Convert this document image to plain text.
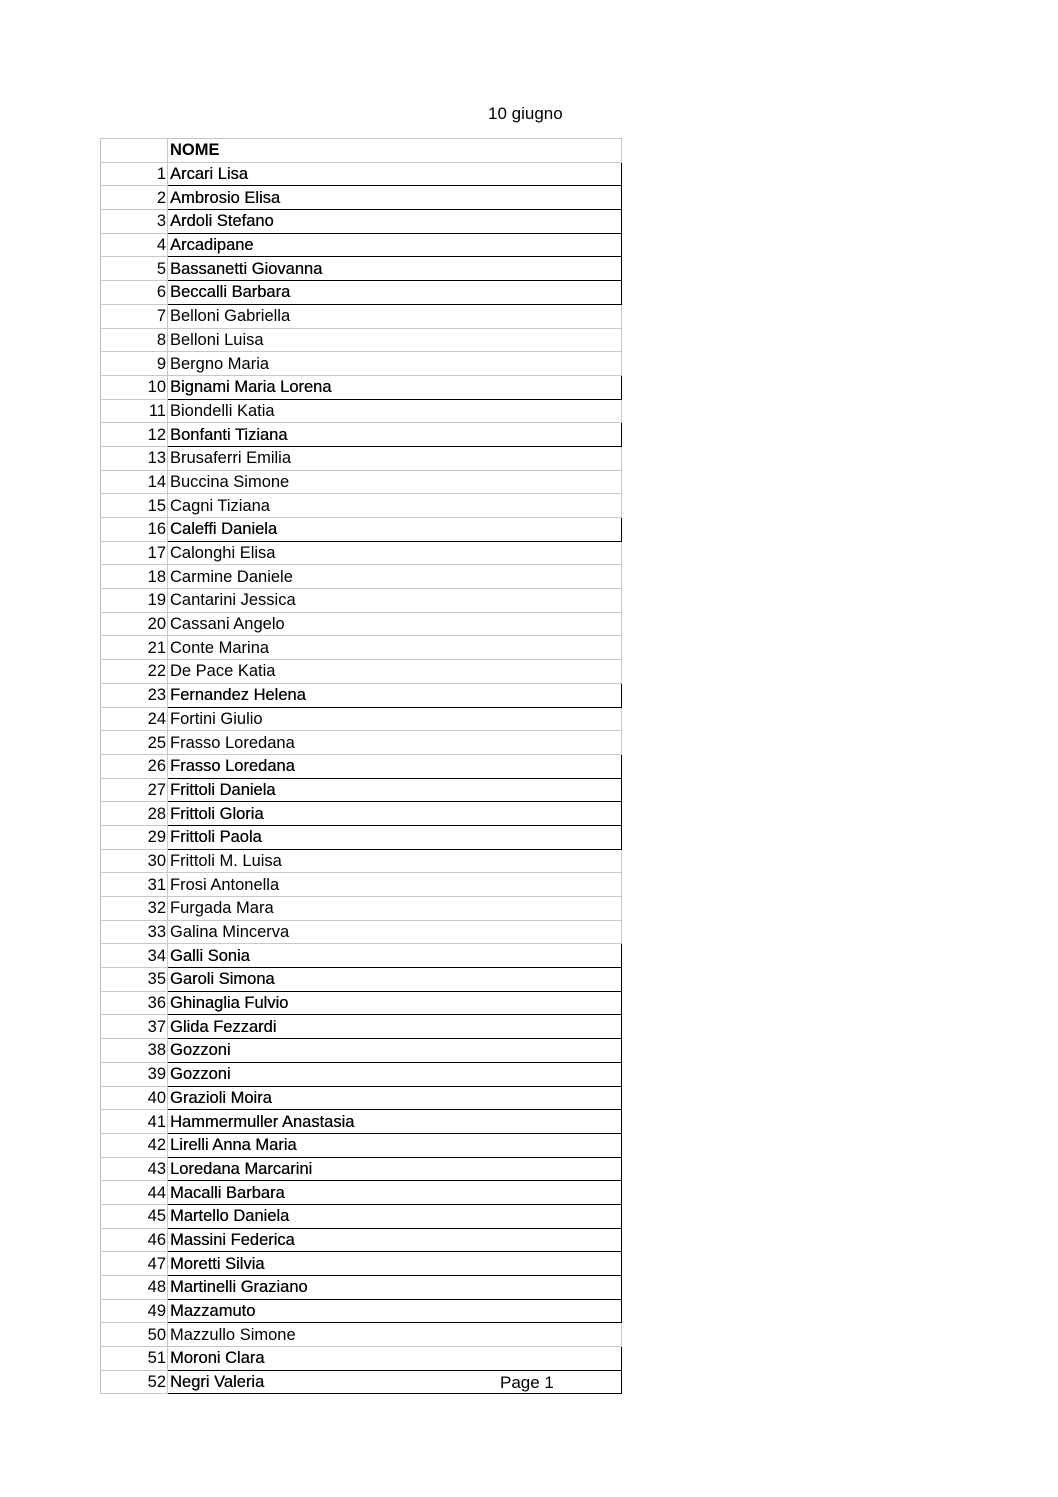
10 giugno
	NOME
1	Arcari Lisa
2	Ambrosio Elisa
3	Ardoli Stefano
4	Arcadipane
5	Bassanetti Giovanna
6	Beccalli Barbara
7	Belloni Gabriella
8	Belloni Luisa
9	Bergno Maria
10	Bignami Maria Lorena
11	Biondelli Katia
12	Bonfanti Tiziana
13	Brusaferri Emilia
14	Buccina Simone
15	Cagni Tiziana
16	Caleffi Daniela
17	Calonghi Elisa
18	Carmine Daniele
19	Cantarini Jessica
20	Cassani Angelo
21	Conte Marina
22	De Pace Katia
23	Fernandez Helena
24	Fortini Giulio
25	Frasso Loredana
26	Frasso Loredana
27	Frittoli Daniela
28	Frittoli Gloria
29	Frittoli Paola
30	Frittoli M. Luisa
31	Frosi Antonella
32	Furgada Mara
33	Galina Mincerva
34	Galli Sonia
35	Garoli Simona
36	Ghinaglia Fulvio
37	Glida Fezzardi
38	Gozzoni
39	Gozzoni
40	Grazioli Moira
41	Hammermuller Anastasia
42	Lirelli Anna Maria
43	Loredana Marcarini
44	Macalli Barbara
45	Martello Daniela
46	Massini Federica
47	Moretti Silvia
48	Martinelli Graziano
49	Mazzamuto
50	Mazzullo Simone
51	Moroni Clara
52	Negri Valeria	Page 1
